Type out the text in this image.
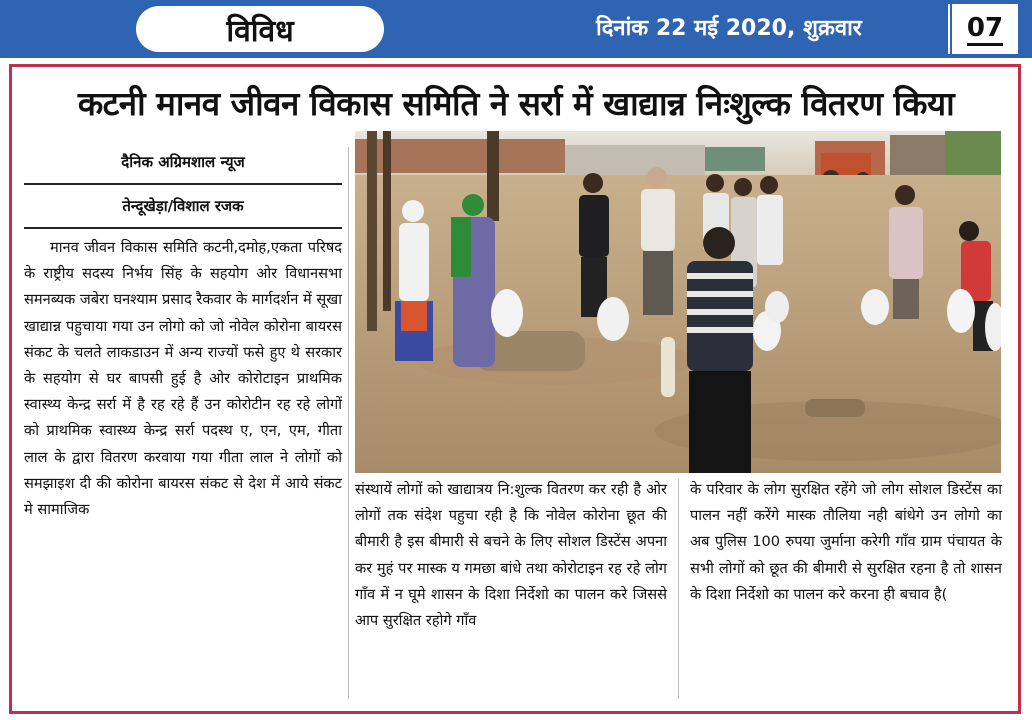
विविध	दिनांक 22 मई 2020, शुक्रवार	07
कटनी मानव जीवन विकास समिति ने सर्रा में खाद्यान्न निःशुल्क वितरण किया
दैनिक अग्रिमशाल न्यूज
तेन्दूखेड़ा/विशाल रजक

मानव जीवन विकास समिति कटनी,दमोह,एकता परिषद के राष्ट्रीय सदस्य निर्भय सिंह के सहयोग ओर विधानसभा समनब्यक जबेरा घनश्याम प्रसाद रैकवार के मार्गदर्शन में सूखा खाद्यान्न पहुचाया गया उन लोगो को जो नोवेल कोरोना बायरस संकट के चलते लाकडाउन में अन्य राज्यों फसे हुए थे सरकार के सहयोग से घर बापसी हुई है ओर कोरोटाइन प्राथमिक स्वास्थ्य केन्द्र सर्रा में है रह रहे हैं उन कोरोटीन रह रहे लोगों को प्राथमिक स्वास्थ्य केन्द्र सर्रा पदस्थ ए, एन, एम, गीता लाल के द्वारा वितरण करवाया गया गीता लाल ने लोगों को समझाइश दी की कोरोना बायरस संकट से देश में आये संकट मे सामाजिक

संस्थायें लोगों को खाद्यात्रय नि:शुल्क वितरण कर रही है ओर लोगों तक संदेश पहुचा रही है कि नोवेल कोरोना छूत की बीमारी है इस बीमारी से बचने के लिए सोशल डिस्टेंस अपना कर मुहं पर मास्क य गमछा बांधे तथा कोरोटाइन रह रहे लोग गाँव में न घूमे शासन के दिशा निर्देशो का पालन करे जिससे आप सुरक्षित रहोगे गाँव

के परिवार के लोग सुरक्षित रहेंगे जो लोग सोशल डिस्टेंस का पालन नहीं करेंगे मास्क तौलिया नही बांधेगे उन लोगो का अब पुलिस 100 रुपया जुर्माना करेगी गाँव ग्राम पंचायत के सभी लोगों को छूत की बीमारी से सुरक्षित रहना है तो शासन के दिशा निर्देशो का पालन करे करना ही बचाव है(
